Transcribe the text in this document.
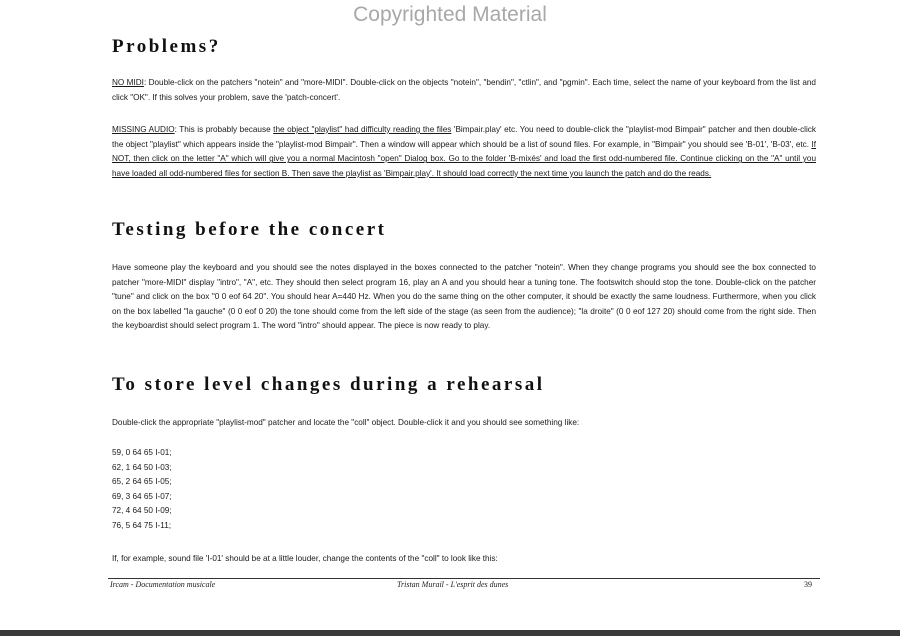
Copyrighted Material
Problems?

NO MIDI: Double-click on the patchers "notein" and "more-MIDI". Double-click on the objects "notein", "bendin", "ctlin", and "pgmin". Each time, select the name of your keyboard from the list and click "OK". If this solves your problem, save the 'patch-concert'.

MISSING AUDIO: This is probably because the object "playlist" had difficulty reading the files 'Bimpair.play' etc. You need to double-click the "playlist-mod Bimpair" patcher and then double-click the object "playlist" which appears inside the "playlist-mod Bimpair". Then a window will appear which should be a list of sound files. For example, in "Bimpair" you should see 'B-01', 'B-03', etc. If NOT, then click on the letter "A" which will give you a normal Macintosh "open" Dialog box. Go to the folder 'B-mixés' and load the first odd-numbered file. Continue clicking on the "A" until you have loaded all odd-numbered files for section B. Then save the playlist as 'Bimpair.play'. It should load correctly the next time you launch the patch and do the reads.

Testing before the concert

Have someone play the keyboard and you should see the notes displayed in the boxes connected to the patcher "notein". When they change programs you should see the box connected to patcher "more-MIDI" display "intro", "A", etc. They should then select program 16, play an A and you should hear a tuning tone. The footswitch should stop the tone. Double-click on the patcher "tune" and click on the box "0 0 eof 64 20". You should hear A=440 Hz. When you do the same thing on the other computer, it should be exactly the same loudness. Furthermore, when you click on the box labelled "la gauche" (0 0 eof 0 20) the tone should come from the left side of the stage (as seen from the audience); "la droite" (0 0 eof 127 20) should come from the right side. Then the keyboardist should select program 1. The word "intro" should appear. The piece is now ready to play.

To store level changes during a rehearsal

Double-click the appropriate "playlist-mod" patcher and locate the "coll" object. Double-click it and you should see something like:

59, 0 64 65 I-01;
62, 1 64 50 I-03;
65, 2 64 65 I-05;
69, 3 64 65 I-07;
72, 4 64 50 I-09;
76, 5 64 75 I-11;

If, for example, sound file 'I-01' should be at a little louder, change the contents of the "coll" to look like this:

Ircam - Documentation musicale	Tristan Murail - L'esprit des dunes	39
